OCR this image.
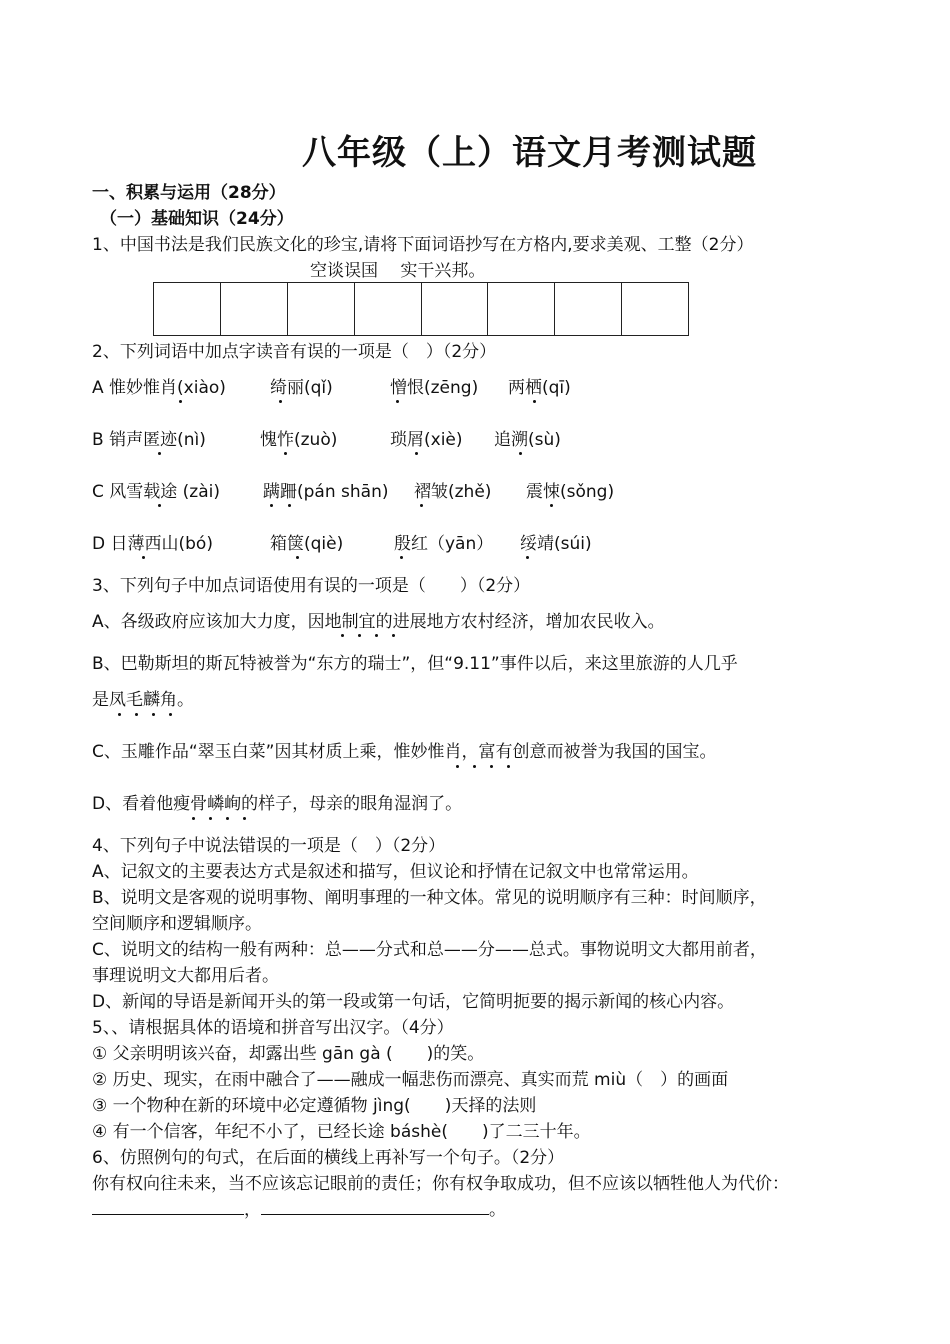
八年级（上）语文月考测试题
一、积累与运用（28分）
（一）基础知识（24分）
1、中国书法是我们民族文化的珍宝,请将下面词语抄写在方格内,要求美观、工整（2分）
空谈误国　 实干兴邦。
2、下列词语中加点字读音有误的一项是（　）（2分）
A 惟妙惟肖(xiào)	绮丽(qǐ)	憎恨(zēng) 两栖(qī)
B 销声匿迹(nì)	愧怍(zuò)	琐屑(xiè) 追溯(sù)
C 风雪载途 (zài)	蹒跚(pán shān) 褶皱(zhě) 震悚(sǒng)
D 日薄西山(bó)	箱箧(qiè)	殷红（yān） 绥靖(súi)
3、下列句子中加点词语使用有误的一项是（　　）（2分）
A、各级政府应该加大力度，因地制宜的进展地方农村经济，增加农民收入。
B、巴勒斯坦的斯瓦特被誉为“东方的瑞士”，但“9.11”事件以后，来这里旅游的人几乎
是凤毛麟角。
C、玉雕作品“翠玉白菜”因其材质上乘，惟妙惟肖，富有创意而被誉为我国的国宝。
D、看着他瘦骨嶙峋的样子，母亲的眼角湿润了。
4、下列句子中说法错误的一项是（　）（2分）
A、记叙文的主要表达方式是叙述和描写，但议论和抒情在记叙文中也常常运用。
B、说明文是客观的说明事物、阐明事理的一种文体。常见的说明顺序有三种：时间顺序，
空间顺序和逻辑顺序。
C、说明文的结构一般有两种：总——分式和总——分——总式。事物说明文大都用前者，
事理说明文大都用后者。
D、新闻的导语是新闻开头的第一段或第一句话，它简明扼要的揭示新闻的核心内容。
5、、请根据具体的语境和拼音写出汉字。（4分）
① 父亲明明该兴奋，却露出些 gān gà (　　)的笑。
② 历史、现实，在雨中融合了——融成一幅悲伤而漂亮、真实而荒 miù（　）的画面
③ 一个物种在新的环境中必定遵循物 jìng(　　)天择的法则
④ 有一个信客，年纪不小了，已经长途 báshè(　　)了二三十年。
6、仿照例句的句式，在后面的横线上再补写一个句子。（2分）
你有权向往未来，当不应该忘记眼前的责任；你有权争取成功，但不应该以牺牲他人为代价：
，	。
